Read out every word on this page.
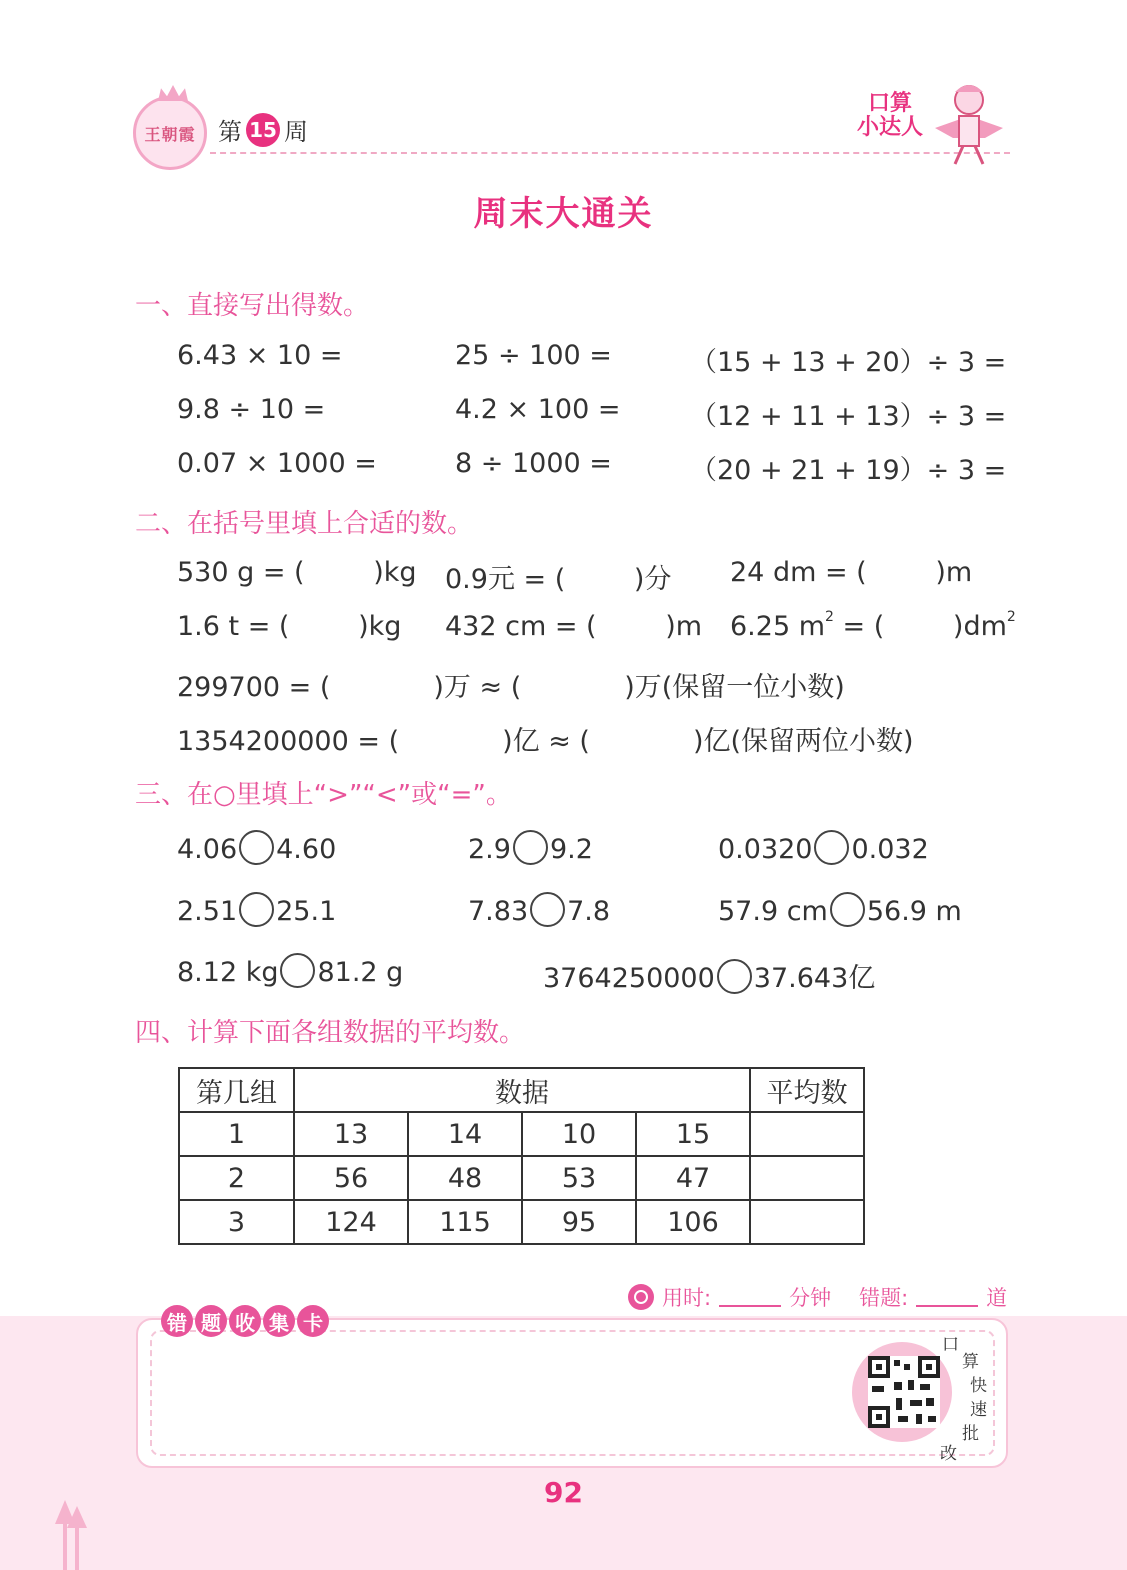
王朝霞 第 15 周
口算
小达人
周末大通关
一、直接写出得数。
6.43 × 10 =	25 ÷ 100 =	（15 + 13 + 20）÷ 3 =
9.8 ÷ 10 =	4.2 × 100 =	（12 + 11 + 13）÷ 3 =
0.07 × 1000 =	8 ÷ 1000 =	（20 + 21 + 19）÷ 3 =
二、在括号里填上合适的数。
530 g = (        )kg 0.9元 = (        )分 24 dm = (        )m
1.6 t = (        )kg 432 cm = (        )m 6.25 $m^2$ = (        )$dm^2$
299700 = (            )万 ≈ (            )万(保留一位小数)
1354200000 = (            )亿 ≈ (            )亿(保留两位小数)
三、在○里填上“>”“<”或“=”。
4.06 4.60	2.9 9.2	0.0320 0.032
2.51 25.1	7.83 7.8	57.9 cm 56.9 m
8.12 kg 81.2 g	3764250000 37.643亿
四、计算下面各组数据的平均数。
第几组	数据				平均数
1	13	14	10	15	
2	56	48	53	47	
3	124	115	95	106	
用时:	分钟 错题:	道
错 题 收 集 卡
口
算
快
速
批
改
92
